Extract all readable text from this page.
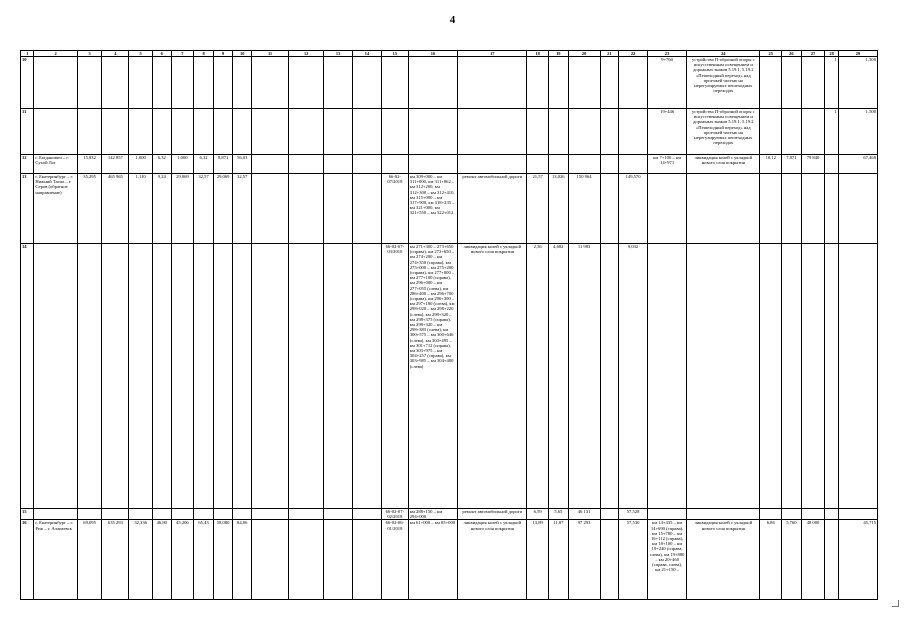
4
1	2	3	4	5	6	7	8	9	10	11	12	13	14	15	16	17	18	19	20	21	22	23	24	25	26	27	28	29
10																						9+760	устройство П-образной опоры с искусственным освещением и дорожных знаков 5.19.1, 5.19.2 «Пешеходный переход» над проезжей частью на нерегулируемых пешеходных переходах				1	1,500
11																						19+446	устройство П-образной опоры с искусственным освещением и дорожных знаков 5.19.1, 5.19.2 «Пешеходный переход» над проезжей частью на нерегулируемых пешеходных переходах				1	1,500
12	г. Богданович – г. Сухой Лог	15,832	142 857	1,000	6,32	1,000	6,32	8,871	56,03													км 7+100 – км 14+971	ликвидация колей с укладкой нового слоя покрытия	10,12	7,871	79 840		67,468
13	г. Екатеринбург – г. Нижний Тагил – г. Серов (обратное направление)	35,295	465 965	1,110	9,24	29,069	32,57	29,069	32,57					66-02-07/2018	км 309+000 – км 311+000, км 311+862 – км 312+200, км 312+300 – км 312+410, км 315+000 – км 317+900, км 318+235 – км 321+000, км 321+550 – км 322+012	ремонт автомобильной дороги	21,57	13,026	150 964		149,570							
14														66-02-07-03/2018	км 271+300 – 273+650 (справа), км 273+650 – км 274+200 – км 274+350 (справа), км 275+000 – км 275+200 (справа), км 277+000 – км 277+100 (справа), км 296+000 – км 277+055 (слева), км 286+400 – км 296+700 (справа), км 296+300 – км 297+180 (слева), км 298+020 – км 298+220 (слева), км 298+320 – км 298+375 (справа), км 298+320 – км 298+385 (слева), км 300+575 – км 300+646 (слева), км 304+495 – км 301+712 (справа), км 303+975 – км 304+257 (справа), км 303+985 – км 304+400 (слева)	ликвидация колей с укладкой нового слоя покрытия	2,36	4,682	11 983		9,032							
15														66-02-07-02/2018	км 288+150 – км 294+000	ремонт автомобильной дороги	6,59	5,65	46 131		57,528							
16	г. Екатеринбург – г. Реж – г. Алапаевск	69,095	635 293	32,336	46,80	45,206	65,43	58,080	84,06					66-02-06-01/2018	км 61+000 – км 85+000	ликвидация колей с укладкой нового слоя покрытия	13,89	11,87	97 293		57,530	км 14+435 – км 14+690 (справа), км 15+780 – км 16+112 (справа), км 18+100 – км 19+240 (справа, слева), км 19+880 – км 20+460 (справа, слева), км 21+150 –	ликвидация колей с укладкой нового слоя покрытия	6,86	5,760	48 000		45,715
